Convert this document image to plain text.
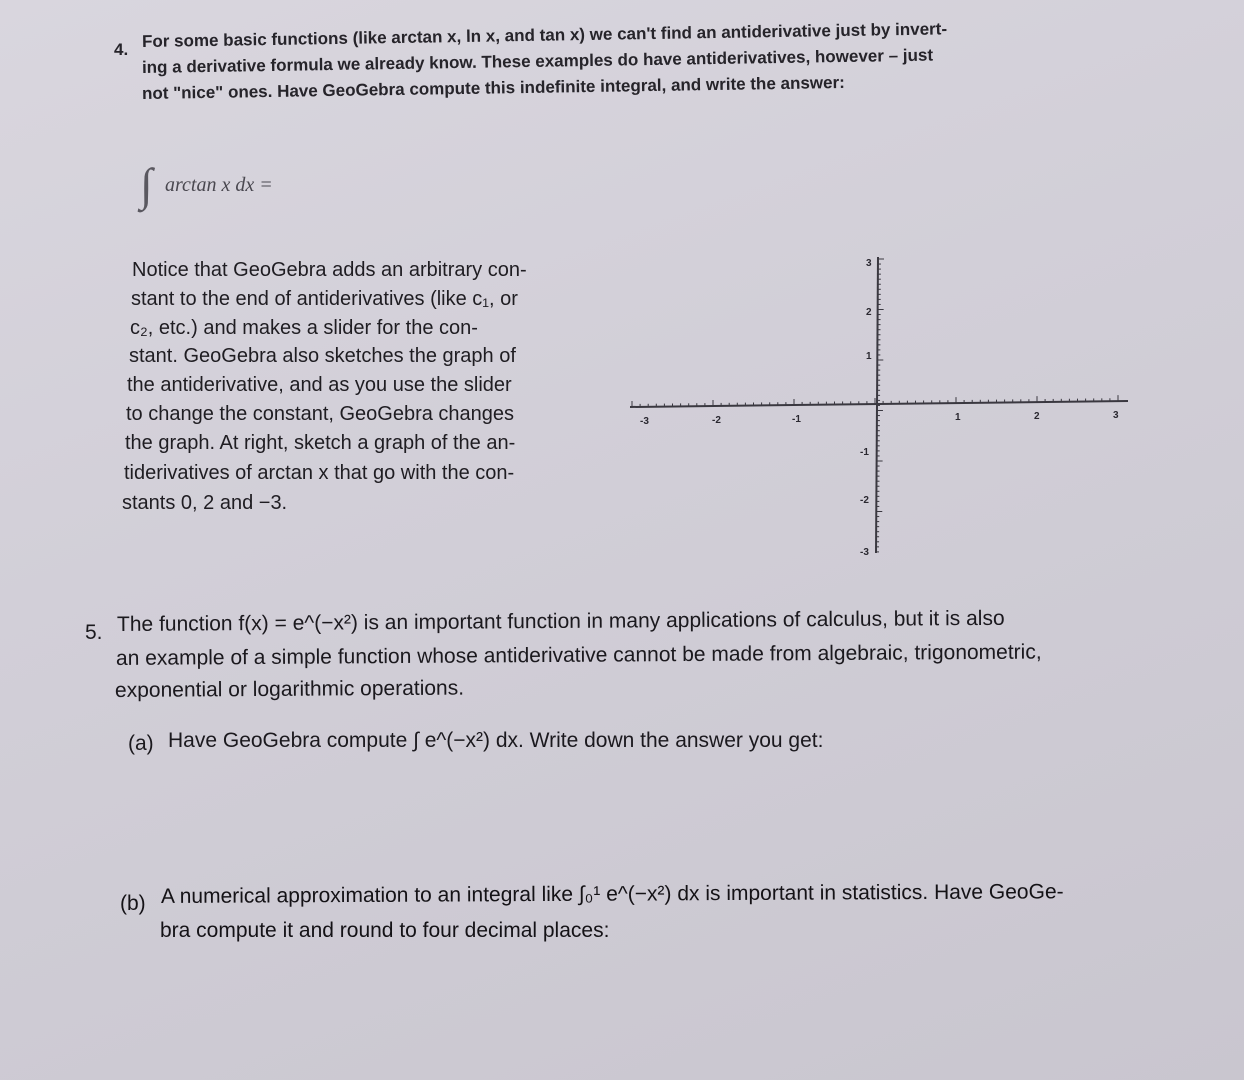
4. For some basic functions (like arctan x, ln x, and tan x) we can't find an antiderivative just by invert-
ing a derivative formula we already know. These examples do have antiderivatives, however – just
not "nice" ones. Have GeoGebra compute this indefinite integral, and write the answer:
∫ arctan x dx =
Notice that GeoGebra adds an arbitrary con-
stant to the end of antiderivatives (like c₁, or
c₂, etc.) and makes a slider for the con-
stant. GeoGebra also sketches the graph of
the antiderivative, and as you use the slider
to change the constant, GeoGebra changes
the graph. At right, sketch a graph of the an-
tiderivatives of arctan x that go with the con-
stants 0, 2 and −3.
-3	-2	-1	1	2	3
3
2
1
-1
-2
-3
5. The function f(x) = e^(−x²) is an important function in many applications of calculus, but it is also
an example of a simple function whose antiderivative cannot be made from algebraic, trigonometric,
exponential or logarithmic operations.
(a) Have GeoGebra compute ∫ e^(−x²) dx. Write down the answer you get:
(b) A numerical approximation to an integral like ∫₀¹ e^(−x²) dx is important in statistics. Have GeoGe-
bra compute it and round to four decimal places:
